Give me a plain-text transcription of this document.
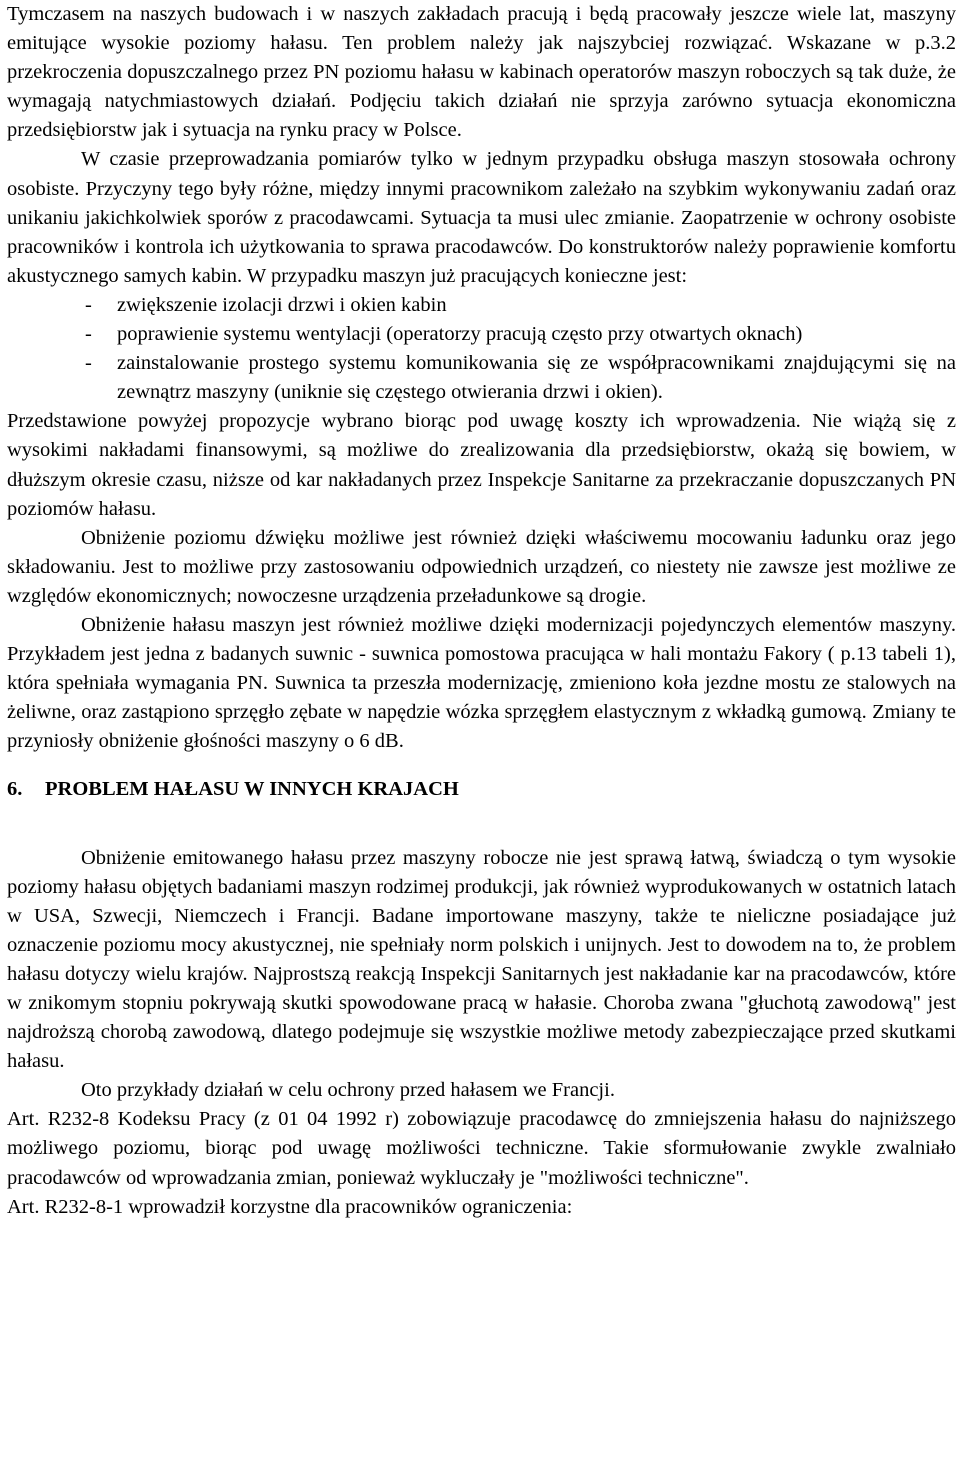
Tymczasem na naszych budowach i w naszych zakładach pracują i będą pracowały jeszcze wiele lat, maszyny emitujące wysokie poziomy hałasu. Ten problem należy jak najszybciej rozwiązać. Wskazane w p.3.2 przekroczenia dopuszczalnego przez PN poziomu hałasu w kabinach operatorów maszyn roboczych są tak duże, że wymagają natychmiastowych działań. Podjęciu takich działań nie sprzyja zarówno sytuacja ekonomiczna przedsiębiorstw jak i sytuacja na rynku pracy w Polsce.

W czasie przeprowadzania pomiarów tylko w jednym przypadku obsługa maszyn stosowała ochrony osobiste. Przyczyny tego były różne, między innymi pracownikom zależało na szybkim wykonywaniu zadań oraz unikaniu jakichkolwiek sporów z pracodawcami. Sytuacja ta musi ulec zmianie. Zaopatrzenie w ochrony osobiste pracowników i kontrola ich użytkowania to sprawa pracodawców. Do konstruktorów należy poprawienie komfortu akustycznego samych kabin. W przypadku maszyn już pracujących konieczne jest:

- zwiększenie izolacji drzwi i okien kabin
- poprawienie systemu wentylacji (operatorzy pracują często przy otwartych oknach)
- zainstalowanie prostego systemu komunikowania się ze współpracownikami znajdującymi się na zewnątrz maszyny (uniknie się częstego otwierania drzwi i okien).

Przedstawione powyżej propozycje wybrano biorąc pod uwagę koszty ich wprowadzenia. Nie wiążą się z wysokimi nakładami finansowymi, są możliwe do zrealizowania dla przedsiębiorstw, okażą się bowiem, w dłuższym okresie czasu, niższe od kar nakładanych przez Inspekcje Sanitarne za przekraczanie dopuszczanych PN poziomów hałasu.

Obniżenie poziomu dźwięku możliwe jest również dzięki właściwemu mocowaniu ładunku oraz jego składowaniu. Jest to możliwe przy zastosowaniu odpowiednich urządzeń, co niestety nie zawsze jest możliwe ze względów ekonomicznych; nowoczesne urządzenia przeładunkowe są drogie.

Obniżenie hałasu maszyn jest również możliwe dzięki modernizacji pojedynczych elementów maszyny. Przykładem jest jedna z badanych suwnic - suwnica pomostowa pracująca w hali montażu Fakory ( p.13 tabeli 1), która spełniała wymagania PN. Suwnica ta przeszła modernizację, zmieniono koła jezdne mostu ze stalowych na żeliwne, oraz zastąpiono sprzęgło zębate w napędzie wózka sprzęgłem elastycznym z wkładką gumową. Zmiany te przyniosły obniżenie głośności maszyny o 6 dB.

6. PROBLEM HAŁASU W INNYCH KRAJACH

Obniżenie emitowanego hałasu przez maszyny robocze nie jest sprawą łatwą, świadczą o tym wysokie poziomy hałasu objętych badaniami maszyn rodzimej produkcji, jak również wyprodukowanych w ostatnich latach w USA, Szwecji, Niemczech i Francji. Badane importowane maszyny, także te nieliczne posiadające już oznaczenie poziomu mocy akustycznej, nie spełniały norm polskich i unijnych. Jest to dowodem na to, że problem hałasu dotyczy wielu krajów. Najprostszą reakcją Inspekcji Sanitarnych jest nakładanie kar na pracodawców, które w znikomym stopniu pokrywają skutki spowodowane pracą w hałasie. Choroba zwana "głuchotą zawodową" jest najdroższą chorobą zawodową, dlatego podejmuje się wszystkie możliwe metody zabezpieczające przed skutkami hałasu.

Oto przykłady działań w celu ochrony przed hałasem we Francji.

Art. R232-8 Kodeksu Pracy (z 01 04 1992 r) zobowiązuje pracodawcę do zmniejszenia hałasu do najniższego możliwego poziomu, biorąc pod uwagę możliwości techniczne. Takie sformułowanie zwykle zwalniało pracodawców od wprowadzania zmian, ponieważ wykluczały je "możliwości techniczne".

Art. R232-8-1 wprowadził korzystne dla pracowników ograniczenia:
